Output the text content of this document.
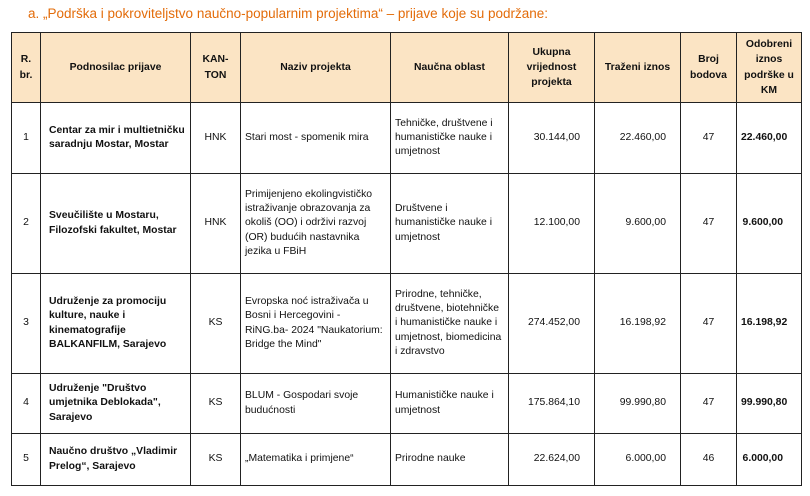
a. „Podrška i pokroviteljstvo naučno-popularnim projektima“ – prijave koje su podržane:
R. br.	Podnosilac prijave	KAN-TON	Naziv projekta	Naučna oblast	Ukupna vrijednost projekta	Traženi iznos	Broj bodova	Odobreni iznos podrške u KM
1	Centar za mir i multietničku saradnju Mostar, Mostar	HNK	Stari most - spomenik mira	Tehničke, društvene i humanističke nauke i umjetnost	30.144,00	22.460,00	47	22.460,00
2	Sveučilište u Mostaru, Filozofski fakultet, Mostar	HNK	Primijenjeno ekolingvističko istraživanje obrazovanja za okoliš (OO) i održivi razvoj (OR) budućih nastavnika jezika u FBiH	Društvene i humanističke nauke i umjetnost	12.100,00	9.600,00	47	9.600,00
3	Udruženje za promociju kulture, nauke i kinematografije BALKANFILM, Sarajevo	KS	Evropska noć istraživača u Bosni i Hercegovini - RiNG.ba- 2024 "Naukatorium: Bridge the Mind"	Prirodne, tehničke, društvene, biotehničke i humanističke nauke i umjetnost, biomedicina i zdravstvo	274.452,00	16.198,92	47	16.198,92
4	Udruženje "Društvo umjetnika Deblokada", Sarajevo	KS	BLUM - Gospodari svoje budućnosti	Humanističke nauke i umjetnost	175.864,10	99.990,80	47	99.990,80
5	Naučno društvo „Vladimir Prelog“, Sarajevo	KS	„Matematika i primjene“	Prirodne nauke	22.624,00	6.000,00	46	6.000,00
